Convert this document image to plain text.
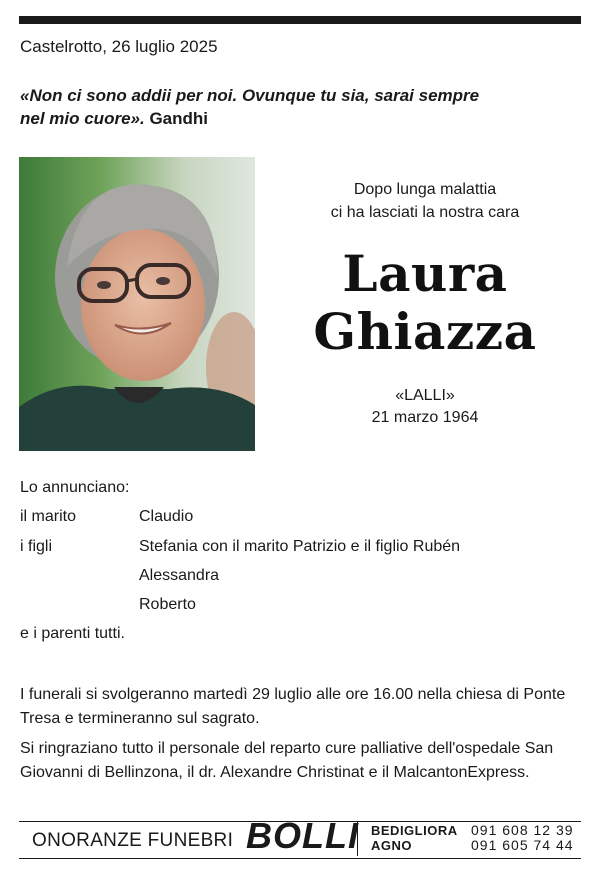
Castelrotto, 26 luglio 2025
«Non ci sono addii per noi. Ovunque tu sia, sarai sempre nel mio cuore». Gandhi
Dopo lunga malattia
ci ha lasciati la nostra cara
Laura
Ghiazza
«LALLI»
21 marzo 1964
Lo annunciano:
il marito	Claudio
i figli	Stefania con il marito Patrizio e il figlio Rubén
Alessandra
Roberto
e i parenti tutti.
I funerali si svolgeranno martedì 29 luglio alle ore 16.00 nella chiesa di Ponte Tresa e termineranno sul sagrato.
Si ringraziano tutto il personale del reparto cure palliative dell'ospedale San Giovanni di Bellinzona, il dr. Alexandre Christinat e il MalcantonExpress.
ONORANZE FUNEBRI BOLLI BEDIGLIORA 091 608 12 39
AGNO	091 605 74 44
